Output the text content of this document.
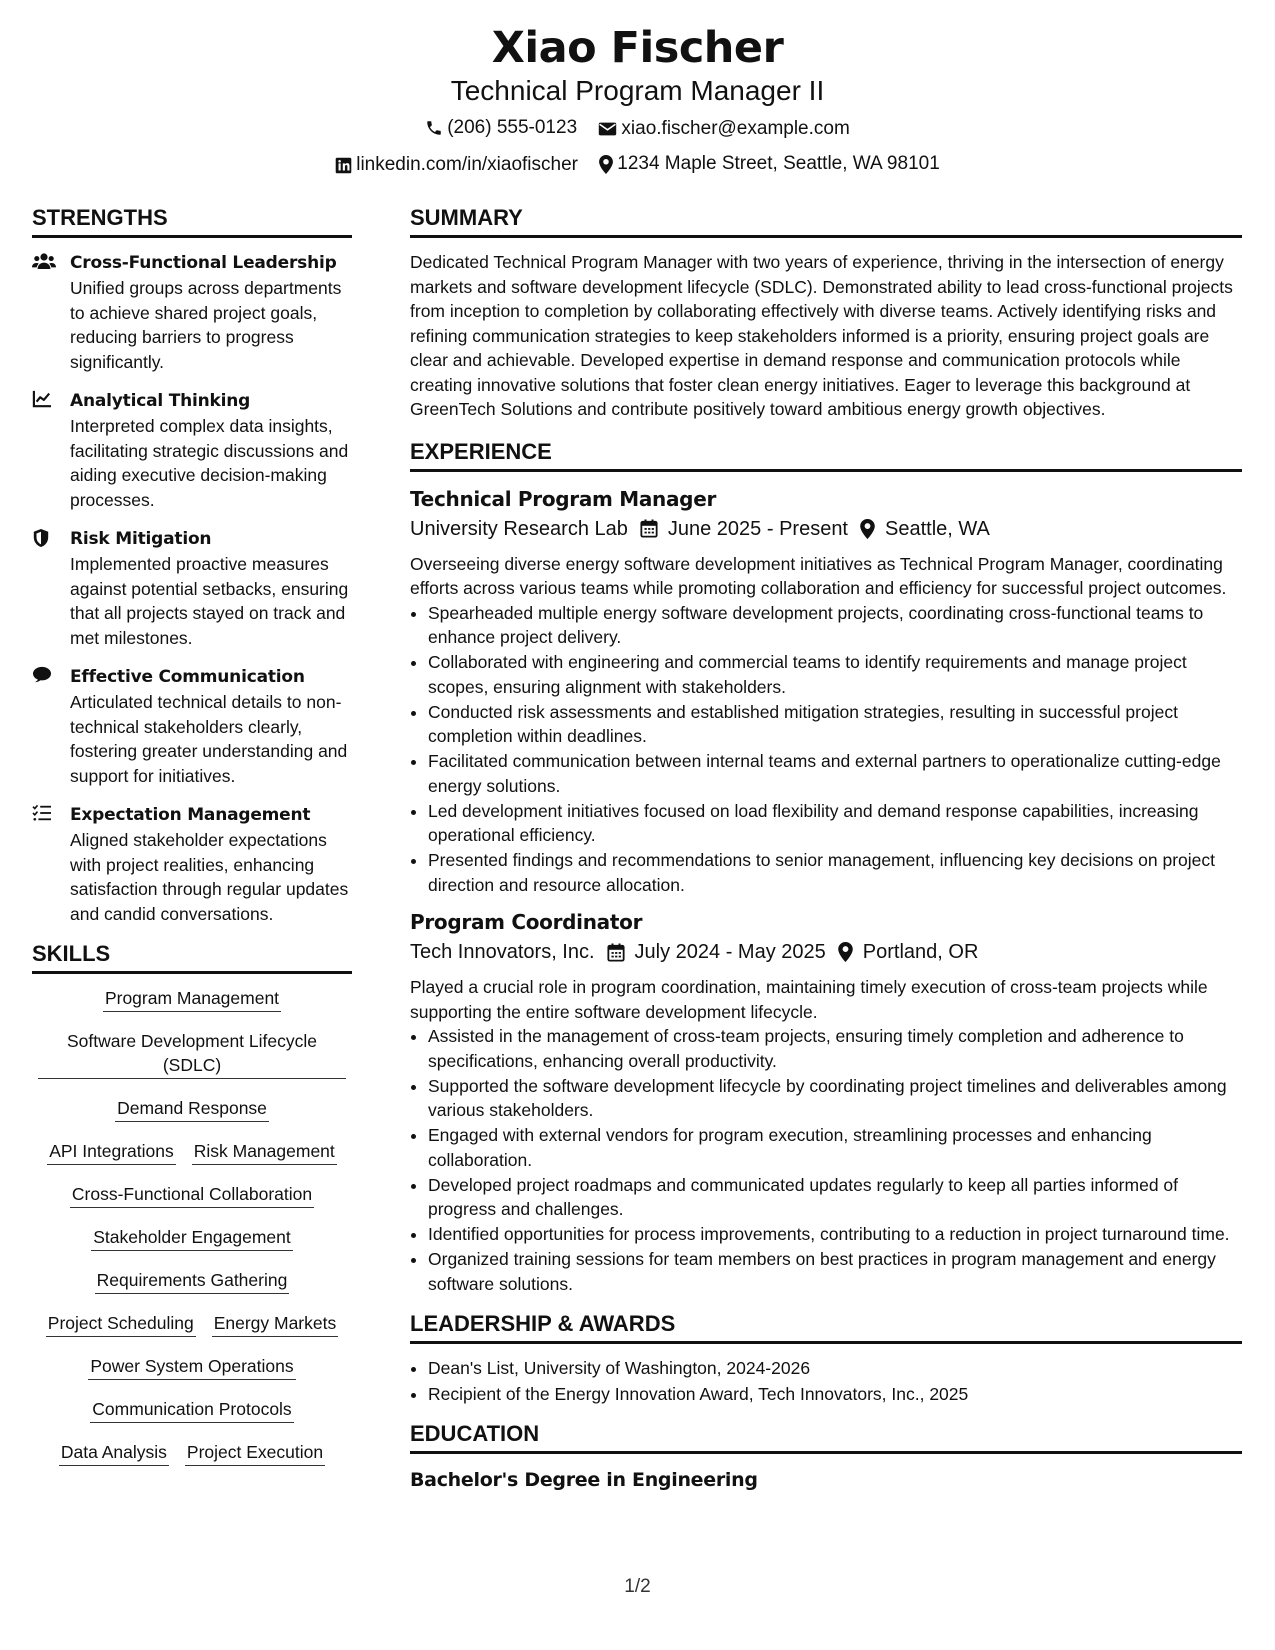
Xiao Fischer
Technical Program Manager II
(206) 555-0123
xiao.fischer@example.com
linkedin.com/in/xiaofischer
1234 Maple Street, Seattle, WA 98101
STRENGTHS
Cross-Functional Leadership
Unified groups across departments to achieve shared project goals, reducing barriers to progress significantly.
Analytical Thinking
Interpreted complex data insights, facilitating strategic discussions and aiding executive decision-making processes.
Risk Mitigation
Implemented proactive measures against potential setbacks, ensuring that all projects stayed on track and met milestones.
Effective Communication
Articulated technical details to non-technical stakeholders clearly, fostering greater understanding and support for initiatives.
Expectation Management
Aligned stakeholder expectations with project realities, enhancing satisfaction through regular updates and candid conversations.
SKILLS
Program Management
Software Development Lifecycle (SDLC)
Demand Response
API Integrations Risk Management
Cross-Functional Collaboration
Stakeholder Engagement
Requirements Gathering
Project Scheduling Energy Markets
Power System Operations
Communication Protocols
Data Analysis Project Execution
SUMMARY
Dedicated Technical Program Manager with two years of experience, thriving in the intersection of energy markets and software development lifecycle (SDLC). Demonstrated ability to lead cross-functional projects from inception to completion by collaborating effectively with diverse teams. Actively identifying risks and refining communication strategies to keep stakeholders informed is a priority, ensuring project goals are clear and achievable. Developed expertise in demand response and communication protocols while creating innovative solutions that foster clean energy initiatives. Eager to leverage this background at GreenTech Solutions and contribute positively toward ambitious energy growth objectives.
EXPERIENCE
Technical Program Manager
University Research Lab June 2025 - Present Seattle, WA
Overseeing diverse energy software development initiatives as Technical Program Manager, coordinating efforts across various teams while promoting collaboration and efficiency for successful project outcomes.
• Spearheaded multiple energy software development projects, coordinating cross-functional teams to enhance project delivery.
• Collaborated with engineering and commercial teams to identify requirements and manage project scopes, ensuring alignment with stakeholders.
• Conducted risk assessments and established mitigation strategies, resulting in successful project completion within deadlines.
• Facilitated communication between internal teams and external partners to operationalize cutting-edge energy solutions.
• Led development initiatives focused on load flexibility and demand response capabilities, increasing operational efficiency.
• Presented findings and recommendations to senior management, influencing key decisions on project direction and resource allocation.
Program Coordinator
Tech Innovators, Inc. July 2024 - May 2025 Portland, OR
Played a crucial role in program coordination, maintaining timely execution of cross-team projects while supporting the entire software development lifecycle.
• Assisted in the management of cross-team projects, ensuring timely completion and adherence to specifications, enhancing overall productivity.
• Supported the software development lifecycle by coordinating project timelines and deliverables among various stakeholders.
• Engaged with external vendors for program execution, streamlining processes and enhancing collaboration.
• Developed project roadmaps and communicated updates regularly to keep all parties informed of progress and challenges.
• Identified opportunities for process improvements, contributing to a reduction in project turnaround time.
• Organized training sessions for team members on best practices in program management and energy software solutions.
LEADERSHIP & AWARDS
• Dean's List, University of Washington, 2024-2026
• Recipient of the Energy Innovation Award, Tech Innovators, Inc., 2025
EDUCATION
Bachelor's Degree in Engineering
1/2
